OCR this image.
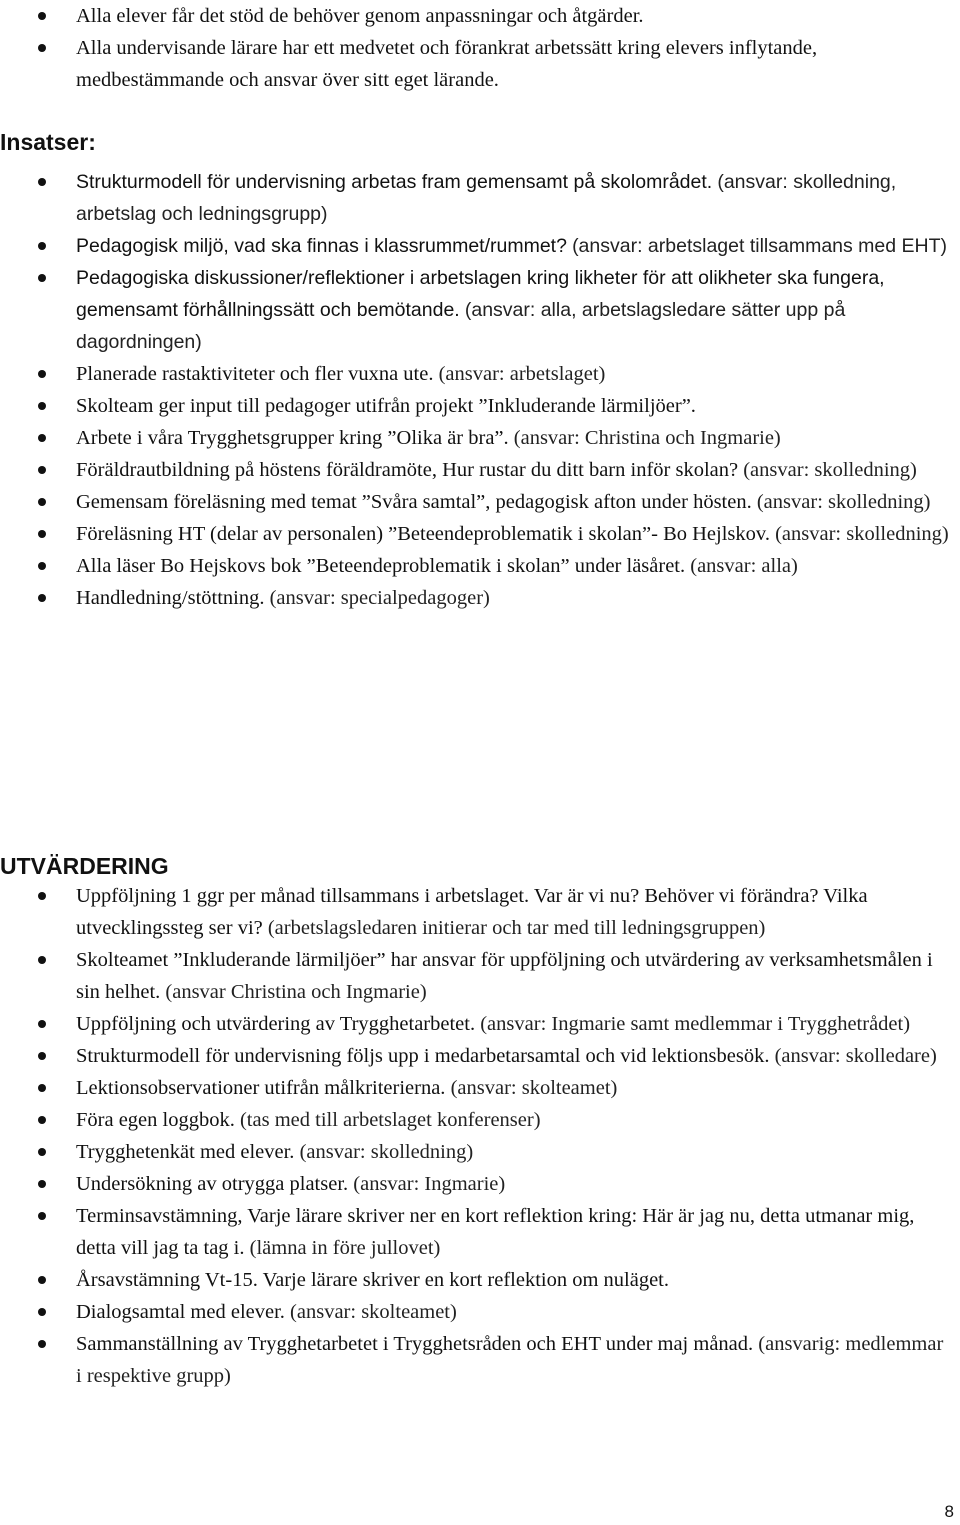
Alla elever får det stöd de behöver genom anpassningar och åtgärder.
Alla undervisande lärare har ett medvetet och förankrat arbetssätt kring elevers inflytande, medbestämmande och ansvar över sitt eget lärande.
Insatser:
Strukturmodell för undervisning arbetas fram gemensamt på skolområdet. (ansvar: skolledning, arbetslag och ledningsgrupp)
Pedagogisk miljö, vad ska finnas i klassrummet/rummet? (ansvar: arbetslaget tillsammans med EHT)
Pedagogiska diskussioner/reflektioner i arbetslagen kring likheter för att olikheter ska fungera, gemensamt förhållningssätt och bemötande. (ansvar: alla, arbetslagsledare sätter upp på dagordningen)
Planerade rastaktiviteter och fler vuxna ute. (ansvar: arbetslaget)
Skolteam ger input till pedagoger utifrån projekt ”Inkluderande lärmiljöer”.
Arbete i våra Trygghetsgrupper kring ”Olika är bra”. (ansvar: Christina och Ingmarie)
Föräldrautbildning på höstens föräldramöte, Hur rustar du ditt barn inför skolan? (ansvar: skolledning)
Gemensam föreläsning med temat ”Svåra samtal”, pedagogisk afton under hösten. (ansvar: skolledning)
Föreläsning HT (delar av personalen) ”Beteendeproblematik i skolan”- Bo Hejlskov. (ansvar: skolledning)
Alla läser Bo Hejskovs bok ”Beteendeproblematik i skolan” under läsåret. (ansvar: alla)
Handledning/stöttning. (ansvar: specialpedagoger)
UTVÄRDERING
Uppföljning 1 ggr per månad tillsammans i arbetslaget. Var är vi nu? Behöver vi förändra? Vilka utvecklingssteg ser vi? (arbetslagsledaren initierar och tar med till ledningsgruppen)
Skolteamet ”Inkluderande lärmiljöer” har ansvar för uppföljning och utvärdering av verksamhetsmålen i sin helhet. (ansvar Christina och Ingmarie)
Uppföljning och utvärdering av Trygghetarbetet. (ansvar: Ingmarie samt medlemmar i Trygghetrådet)
Strukturmodell för undervisning följs upp i medarbetarsamtal och vid lektionsbesök. (ansvar: skolledare)
Lektionsobservationer utifrån målkriterierna. (ansvar: skolteamet)
Föra egen loggbok. (tas med till arbetslaget konferenser)
Trygghetenkät med elever. (ansvar: skolledning)
Undersökning av otrygga platser. (ansvar: Ingmarie)
Terminsavstämning, Varje lärare skriver ner en kort reflektion kring: Här är jag nu, detta utmanar mig, detta vill jag ta tag i. (lämna in före jullovet)
Årsavstämning Vt-15. Varje lärare skriver en kort reflektion om nuläget.
Dialogsamtal med elever. (ansvar: skolteamet)
Sammanställning av Trygghetarbetet i Trygghetsråden och EHT under maj månad. (ansvarig: medlemmar i respektive grupp)
8
